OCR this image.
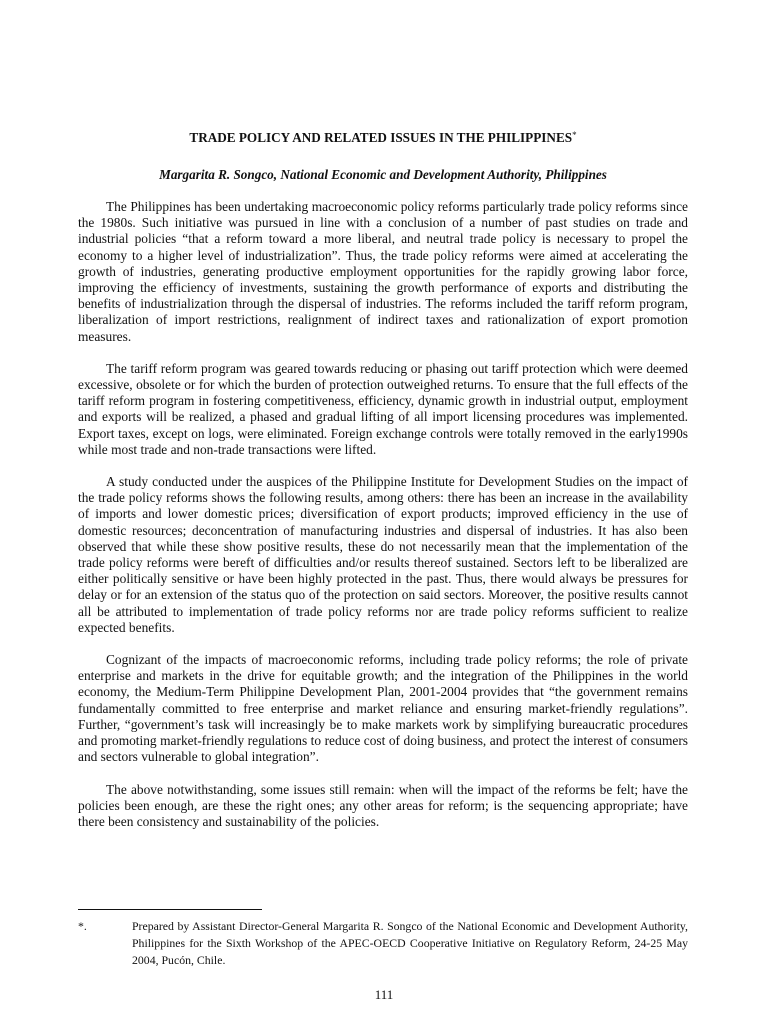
TRADE POLICY AND RELATED ISSUES IN THE PHILIPPINES*
Margarita R. Songco, National Economic and Development Authority, Philippines

The Philippines has been undertaking macroeconomic policy reforms particularly trade policy reforms since the 1980s. Such initiative was pursued in line with a conclusion of a number of past studies on trade and industrial policies “that a reform toward a more liberal, and neutral trade policy is necessary to propel the economy to a higher level of industrialization”. Thus, the trade policy reforms were aimed at accelerating the growth of industries, generating productive employment opportunities for the rapidly growing labor force, improving the efficiency of investments, sustaining the growth performance of exports and distributing the benefits of industrialization through the dispersal of industries. The reforms included the tariff reform program, liberalization of import restrictions, realignment of indirect taxes and rationalization of export promotion measures.

The tariff reform program was geared towards reducing or phasing out tariff protection which were deemed excessive, obsolete or for which the burden of protection outweighed returns. To ensure that the full effects of the tariff reform program in fostering competitiveness, efficiency, dynamic growth in industrial output, employment and exports will be realized, a phased and gradual lifting of all import licensing procedures was implemented. Export taxes, except on logs, were eliminated. Foreign exchange controls were totally removed in the early1990s while most trade and non-trade transactions were lifted.

A study conducted under the auspices of the Philippine Institute for Development Studies on the impact of the trade policy reforms shows the following results, among others: there has been an increase in the availability of imports and lower domestic prices; diversification of export products; improved efficiency in the use of domestic resources; deconcentration of manufacturing industries and dispersal of industries. It has also been observed that while these show positive results, these do not necessarily mean that the implementation of the trade policy reforms were bereft of difficulties and/or results thereof sustained. Sectors left to be liberalized are either politically sensitive or have been highly protected in the past. Thus, there would always be pressures for delay or for an extension of the status quo of the protection on said sectors. Moreover, the positive results cannot all be attributed to implementation of trade policy reforms nor are trade policy reforms sufficient to realize expected benefits.

Cognizant of the impacts of macroeconomic reforms, including trade policy reforms; the role of private enterprise and markets in the drive for equitable growth; and the integration of the Philippines in the world economy, the Medium-Term Philippine Development Plan, 2001-2004 provides that “the government remains fundamentally committed to free enterprise and market reliance and ensuring market-friendly regulations”. Further, “government’s task will increasingly be to make markets work by simplifying bureaucratic procedures and promoting market-friendly regulations to reduce cost of doing business, and protect the interest of consumers and sectors vulnerable to global integration”.

The above notwithstanding, some issues still remain: when will the impact of the reforms be felt; have the policies been enough, are these the right ones; any other areas for reform; is the sequencing appropriate; have there been consistency and sustainability of the policies.

*.	Prepared by Assistant Director-General Margarita R. Songco of the National Economic and Development Authority, Philippines for the Sixth Workshop of the APEC-OECD Cooperative Initiative on Regulatory Reform, 24-25 May 2004, Pucón, Chile.
111
